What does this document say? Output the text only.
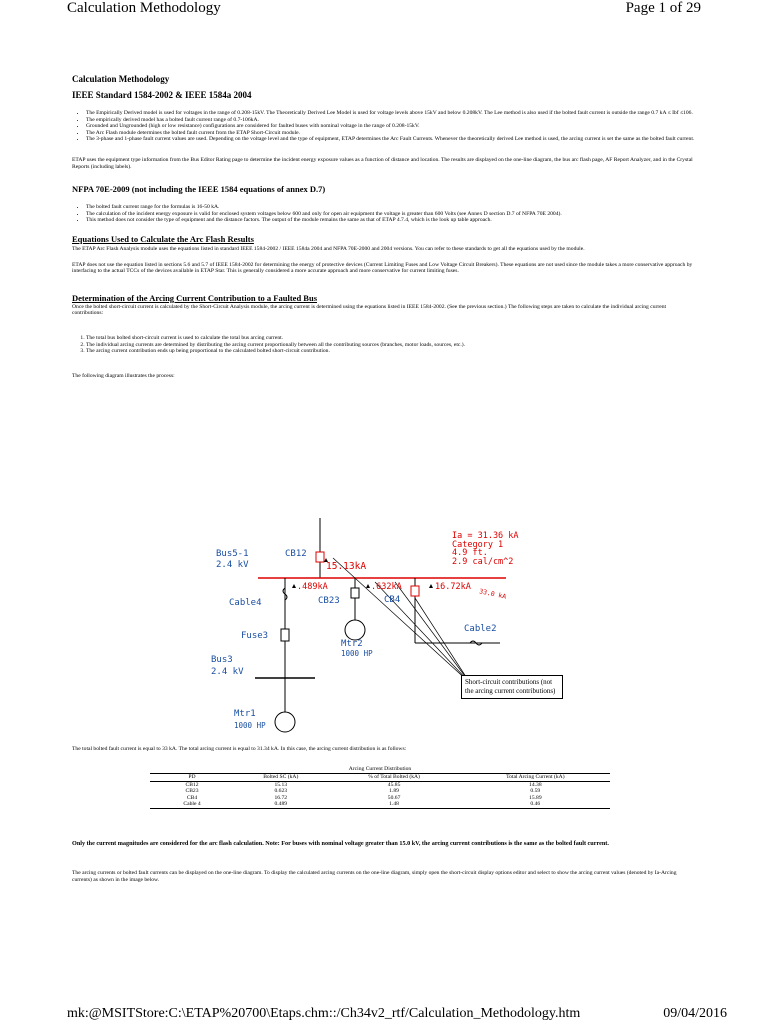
Calculation Methodology	Page 1 of 29

Calculation Methodology

IEEE Standard 1584-2002 & IEEE 1584a 2004

• The Empirically Derived model is used for voltages in the range of 0.208-15kV. The Theoretically Derived Lee Model is used for voltage levels above 15kV and below 0.208kV. The Lee method is also used if the bolted fault current is outside the range 0.7 kA ≤ Ibf ≤106.
• The empirically derived model has a bolted fault current range of 0.7-106kA.
• Grounded and Ungrounded (high or low resistance) configurations are considered for faulted buses with nominal voltage in the range of 0.208-15kV.
• The Arc Flash module determines the bolted fault current from the ETAP Short-Circuit module.
• The 3-phase and 1-phase fault current values are used. Depending on the voltage level and the type of equipment, ETAP determines the Arc Fault Currents. Whenever the theoretically derived Lee method is used, the arcing current is set the same as the bolted fault current.

ETAP uses the equipment type information from the Bus Editor Rating page to determine the incident energy exposure values as a function of distance and location. The results are displayed on the one-line diagram, the bus arc flash page, AF Report Analyzer, and in the Crystal Reports (including labels).

NFPA 70E-2009 (not including the IEEE 1584 equations of annex D.7)

• The bolted fault current range for the formulas is 16-50 kA.
• The calculation of the incident energy exposure is valid for enclosed system voltages below 600 and only for open air equipment the voltage is greater than 600 Volts (see Annex D section D.7 of NFPA 70E 2004).
• This method does not consider the type of equipment and the distance factors. The output of the module remains the same as that of ETAP 4.7.4, which is the look up table approach.

Equations Used to Calculate the Arc Flash Results

The ETAP Arc Flash Analysis module uses the equations listed in standard IEEE 1584-2002 / IEEE 1584a 2004 and NFPA 70E-2000 and 2004 versions. You can refer to these standards to get all the equations used by the module.

ETAP does not use the equation listed in sections 5.6 and 5.7 of IEEE 1584-2002 for determining the energy of protective devices (Current Limiting Fuses and Low Voltage Circuit Breakers). These equations are not used since the module takes a more conservative approach by interfacing to the actual TCCs of the devices available in ETAP Star. This is generally considered a more accurate approach and more conservative for current limiting fuses.

Determination of the Arcing Current Contribution to a Faulted Bus

Once the bolted short-circuit current is calculated by the Short-Circuit Analysis module, the arcing current is determined using the equations listed in IEEE 1584-2002. (See the previous section.) The following steps are taken to calculate the individual arcing current contributions:

1. The total bus bolted short-circuit current is used to calculate the total bus arcing current.
2. The individual arcing currents are determined by distributing the arcing current proportionally between all the contributing sources (branches, motor loads, sources, etc.).
3. The arcing current contribution ends up being proportional to the calculated bolted short-circuit contribution.

The following diagram illustrates the process:

Bus5-1
2.4 kV
CB12
15.13kA
Ia = 31.36 kA
Category 1
4.9 ft.
2.9 cal/cm^2
.489kA	.632kA	16.72kA
33.0 kA
Cable4	CB23	CB4
Cable2
Fuse3
Mtr2
1000 HP
Bus3
2.4 kV
Mtr1
1000 HP
Short-circuit contributions (not the arcing current contributions)

The total bolted fault current is equal to 33 kA. The total arcing current is equal to 31.34 kA. In this case, the arcing current distribution is as follows:

Arcing Current Distribution
PD	Bolted SC (kA)	% of Total Bolted (kA)	Total Arcing Current (kA)
CB12	15.13	45.85	14.38
CB23	0.623	1.89	0.59
CB4	16.72	50.67	15.89
Cable 4	0.489	1.48	0.46

Only the current magnitudes are considered for the arc flash calculation. Note: For buses with nominal voltage greater than 15.0 kV, the arcing current contributions is the same as the bolted fault current.

The arcing currents or bolted fault currents can be displayed on the one-line diagram. To display the calculated arcing currents on the one-line diagram, simply open the short-circuit display options editor and select to show the arcing current values (denoted by Ia-Arcing currents) as shown in the image below.

mk:@MSITStore:C:\ETAP%20700\Etaps.chm::/Ch34v2_rtf/Calculation_Methodology.htm	09/04/2016
